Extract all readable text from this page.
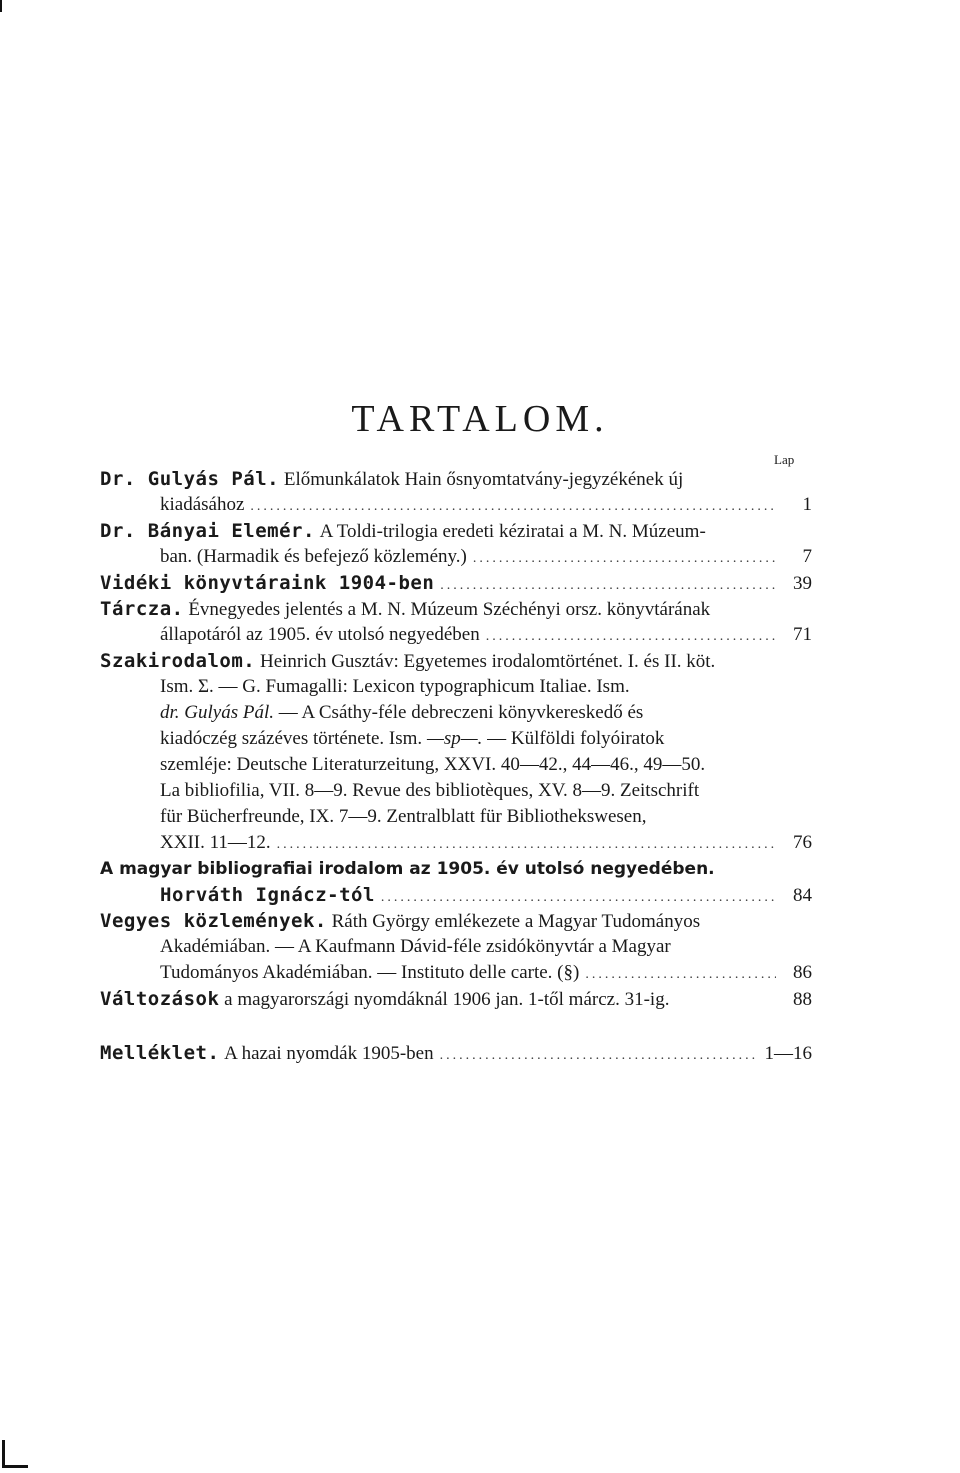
TARTALOM.
Lap
Dr. Gulyás Pál.
Előmunkálatok Hain ősnyomtatvány-jegyzékének új
kiadásához .....	1
Dr. Bányai Elemér.
A Toldi-trilogia eredeti kéziratai a M. N. Múzeum-
ban. (Harmadik és befejező közlemény.) .....	7
Vidéki könyvtáraink 1904-ben .....	39
Tárcza.
Évnegyedes jelentés a M. N. Múzeum Széchényi orsz. könyvtárának
állapotáról az 1905. év utolsó negyedében .....	71
Szakirodalom.
Heinrich Gusztáv: Egyetemes irodalomtörténet. I. és II. köt.
Ism. Σ. — G. Fumagalli: Lexicon typographicum Italiae. Ism.
dr. Gulyás Pál.
— A Csáthy-féle debreczeni könyvkereskedő és
kiadóczég százéves története. Ism.
—sp—.
— Külföldi folyóiratok
szemléje: Deutsche Literaturzeitung, XXVI. 40—42., 44—46., 49—50.
La bibliofilia, VII. 8—9. Revue des bibliotèques, XV. 8—9. Zeitschrift
für Bücherfreunde, IX. 7—9. Zentralblatt für Bibliothekswesen,
XXII. 11—12. .....	76
A magyar bibliografiai irodalom az 1905. év utolsó negyedében.
Horváth Ignácz-tól .....	84
Vegyes közlemények.
Ráth György emlékezete a Magyar Tudományos
Akadémiában. — A Kaufmann Dávid-féle zsidókönyvtár a Magyar
Tudományos Akadémiában. — Instituto delle carte. (§) .....	86
Változások
a magyarországi nyomdáknál 1906 jan. 1-től márcz. 31-ig.	88
Melléklet.
A hazai nyomdák 1905-ben .....	1—16
